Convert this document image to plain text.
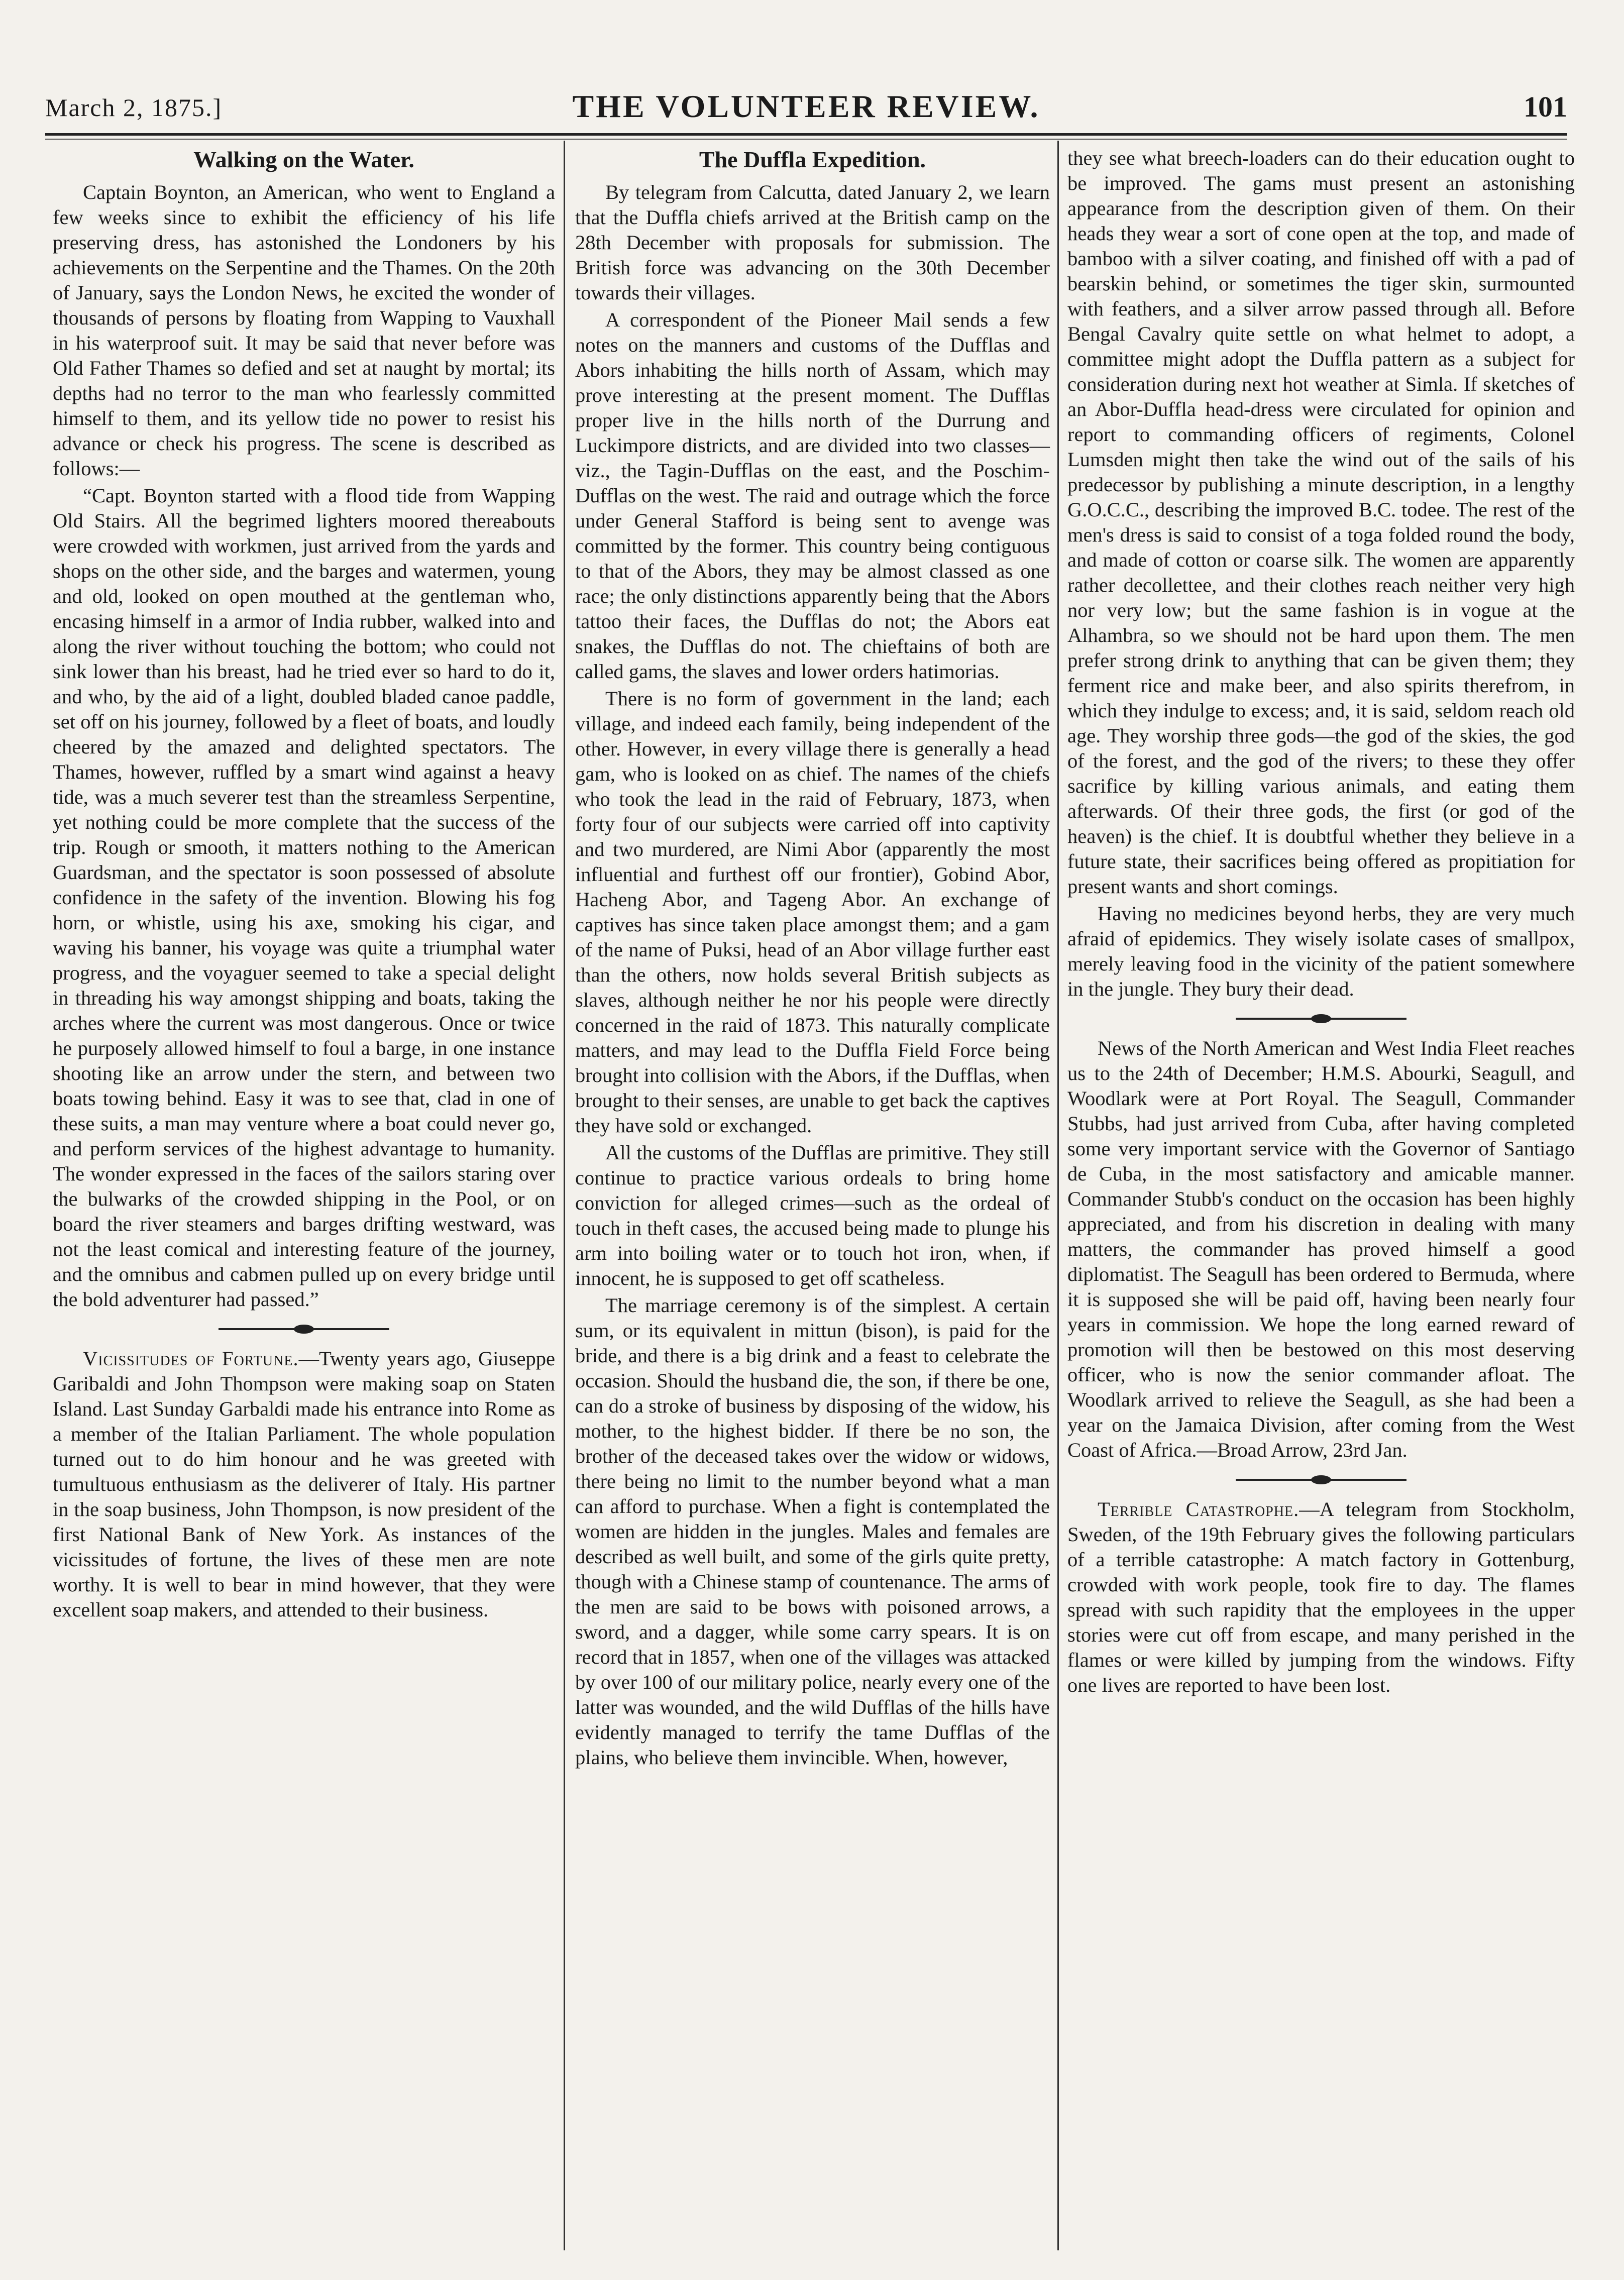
THE VOLUNTEER REVIEW.
March 2, 1875.]	101
Walking on the Water.

Captain Boynton, an American, who went to England a few weeks since to exhibit the efficiency of his life preserving dress, has astonished the Londoners by his achievements on the Serpentine and the Thames. On the 20th of January, says the London News, he excited the wonder of thousands of persons by floating from Wapping to Vauxhall in his waterproof suit. It may be said that never before was Old Father Thames so defied and set at naught by mortal; its depths had no terror to the man who fearlessly committed himself to them, and its yellow tide no power to resist his advance or check his progress. The scene is described as follows:—

“Capt. Boynton started with a flood tide from Wapping Old Stairs. All the begrimed lighters moored thereabouts were crowded with workmen, just arrived from the yards and shops on the other side, and the barges and watermen, young and old, looked on open mouthed at the gentleman who, encasing himself in a armor of India rubber, walked into and along the river without touching the bottom; who could not sink lower than his breast, had he tried ever so hard to do it, and who, by the aid of a light, doubled bladed canoe paddle, set off on his journey, followed by a fleet of boats, and loudly cheered by the amazed and delighted spectators. The Thames, however, ruffled by a smart wind against a heavy tide, was a much severer test than the streamless Serpentine, yet nothing could be more complete that the success of the trip. Rough or smooth, it matters nothing to the American Guardsman, and the spectator is soon possessed of absolute confidence in the safety of the invention. Blowing his fog horn, or whistle, using his axe, smoking his cigar, and waving his banner, his voyage was quite a triumphal water progress, and the voyaguer seemed to take a special delight in threading his way amongst shipping and boats, taking the arches where the current was most dangerous. Once or twice he purposely allowed himself to foul a barge, in one instance shooting like an arrow under the stern, and between two boats towing behind. Easy it was to see that, clad in one of these suits, a man may venture where a boat could never go, and perform services of the highest advantage to humanity. The wonder expressed in the faces of the sailors staring over the bulwarks of the crowded shipping in the Pool, or on board the river steamers and barges drifting westward, was not the least comical and interesting feature of the journey, and the omnibus and cabmen pulled up on every bridge until the bold adventurer had passed.”

Vicissitudes of Fortune.—Twenty years ago, Giuseppe Garibaldi and John Thompson were making soap on Staten Island. Last Sunday Garbaldi made his entrance into Rome as a member of the Italian Parliament. The whole population turned out to do him honour and he was greeted with tumultuous enthusiasm as the deliverer of Italy. His partner in the soap business, John Thompson, is now president of the first National Bank of New York. As instances of the vicissitudes of fortune, the lives of these men are note worthy. It is well to bear in mind however, that they were excellent soap makers, and attended to their business.

The Duffla Expedition.

By telegram from Calcutta, dated January 2, we learn that the Duffla chiefs arrived at the British camp on the 28th December with proposals for submission. The British force was advancing on the 30th December towards their villages.

A correspondent of the Pioneer Mail sends a few notes on the manners and customs of the Dufflas and Abors inhabiting the hills north of Assam, which may prove interesting at the present moment. The Dufflas proper live in the hills north of the Durrung and Luckimpore districts, and are divided into two classes—viz., the Tagin-Dufflas on the east, and the Poschim-Dufflas on the west. The raid and outrage which the force under General Stafford is being sent to avenge was committed by the former. This country being contiguous to that of the Abors, they may be almost classed as one race; the only distinctions apparently being that the Abors tattoo their faces, the Dufflas do not; the Abors eat snakes, the Dufflas do not. The chieftains of both are called gams, the slaves and lower orders hatimorias.

There is no form of government in the land; each village, and indeed each family, being independent of the other. However, in every village there is generally a head gam, who is looked on as chief. The names of the chiefs who took the lead in the raid of February, 1873, when forty four of our subjects were carried off into captivity and two murdered, are Nimi Abor (apparently the most influential and furthest off our frontier), Gobind Abor, Hacheng Abor, and Tageng Abor. An exchange of captives has since taken place amongst them; and a gam of the name of Puksi, head of an Abor village further east than the others, now holds several British subjects as slaves, although neither he nor his people were directly concerned in the raid of 1873. This naturally complicate matters, and may lead to the Duffla Field Force being brought into collision with the Abors, if the Dufflas, when brought to their senses, are unable to get back the captives they have sold or exchanged.

All the customs of the Dufflas are primitive. They still continue to practice various ordeals to bring home conviction for alleged crimes—such as the ordeal of touch in theft cases, the accused being made to plunge his arm into boiling water or to touch hot iron, when, if innocent, he is supposed to get off scatheless.

The marriage ceremony is of the simplest. A certain sum, or its equivalent in mittun (bison), is paid for the bride, and there is a big drink and a feast to celebrate the occasion. Should the husband die, the son, if there be one, can do a stroke of business by disposing of the widow, his mother, to the highest bidder. If there be no son, the brother of the deceased takes over the widow or widows, there being no limit to the number beyond what a man can afford to purchase. When a fight is contemplated the women are hidden in the jungles. Males and females are described as well built, and some of the girls quite pretty, though with a Chinese stamp of countenance. The arms of the men are said to be bows with poisoned arrows, a sword, and a dagger, while some carry spears. It is on record that in 1857, when one of the villages was attacked by over 100 of our military police, nearly every one of the latter was wounded, and the wild Dufflas of the hills have evidently managed to terrify the tame Dufflas of the plains, who believe them invincible. When, however,

they see what breech-loaders can do their education ought to be improved. The gams must present an astonishing appearance from the description given of them. On their heads they wear a sort of cone open at the top, and made of bamboo with a silver coating, and finished off with a pad of bearskin behind, or sometimes the tiger skin, surmounted with feathers, and a silver arrow passed through all. Before Bengal Cavalry quite settle on what helmet to adopt, a committee might adopt the Duffla pattern as a subject for consideration during next hot weather at Simla. If sketches of an Abor-Duffla head-dress were circulated for opinion and report to commanding officers of regiments, Colonel Lumsden might then take the wind out of the sails of his predecessor by publishing a minute description, in a lengthy G.O.C.C., describing the improved B.C. todee. The rest of the men's dress is said to consist of a toga folded round the body, and made of cotton or coarse silk. The women are apparently rather decollettee, and their clothes reach neither very high nor very low; but the same fashion is in vogue at the Alhambra, so we should not be hard upon them. The men prefer strong drink to anything that can be given them; they ferment rice and make beer, and also spirits therefrom, in which they indulge to excess; and, it is said, seldom reach old age. They worship three gods—the god of the skies, the god of the forest, and the god of the rivers; to these they offer sacrifice by killing various animals, and eating them afterwards. Of their three gods, the first (or god of the heaven) is the chief. It is doubtful whether they believe in a future state, their sacrifices being offered as propitiation for present wants and short comings.

Having no medicines beyond herbs, they are very much afraid of epidemics. They wisely isolate cases of smallpox, merely leaving food in the vicinity of the patient somewhere in the jungle. They bury their dead.

News of the North American and West India Fleet reaches us to the 24th of December; H.M.S. Abourki, Seagull, and Woodlark were at Port Royal. The Seagull, Commander Stubbs, had just arrived from Cuba, after having completed some very important service with the Governor of Santiago de Cuba, in the most satisfactory and amicable manner. Commander Stubb's conduct on the occasion has been highly appreciated, and from his discretion in dealing with many matters, the commander has proved himself a good diplomatist. The Seagull has been ordered to Bermuda, where it is supposed she will be paid off, having been nearly four years in commission. We hope the long earned reward of promotion will then be bestowed on this most deserving officer, who is now the senior commander afloat. The Woodlark arrived to relieve the Seagull, as she had been a year on the Jamaica Division, after coming from the West Coast of Africa.—Broad Arrow, 23rd Jan.

Terrible Catastrophe.—A telegram from Stockholm, Sweden, of the 19th February gives the following particulars of a terrible catastrophe: A match factory in Gottenburg, crowded with work people, took fire to day. The flames spread with such rapidity that the employees in the upper stories were cut off from escape, and many perished in the flames or were killed by jumping from the windows. Fifty one lives are reported to have been lost.
